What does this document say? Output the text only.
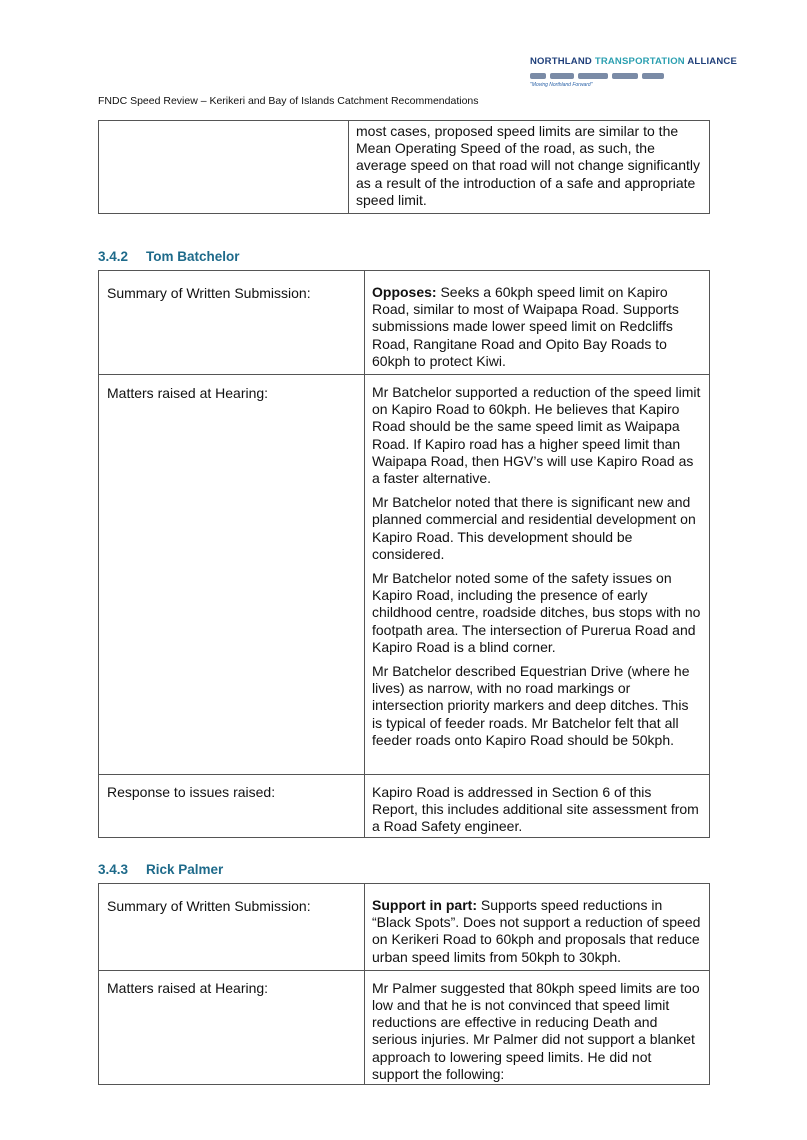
NORTHLAND TRANSPORTATION ALLIANCE
"Moving Northland Forward"
FNDC Speed Review – Kerikeri and Bay of Islands Catchment Recommendations

most cases, proposed speed limits are similar to the Mean Operating Speed of the road, as such, the average speed on that road will not change significantly as a result of the introduction of a safe and appropriate speed limit.

3.4.2 Tom Batchelor
Summary of Written Submission:	Opposes: Seeks a 60kph speed limit on Kapiro Road, similar to most of Waipapa Road. Supports submissions made lower speed limit on Redcliffs Road, Rangitane Road and Opito Bay Roads to 60kph to protect Kiwi.

Matters raised at Hearing:	Mr Batchelor supported a reduction of the speed limit on Kapiro Road to 60kph. He believes that Kapiro Road should be the same speed limit as Waipapa Road. If Kapiro road has a higher speed limit than Waipapa Road, then HGV’s will use Kapiro Road as a faster alternative.

Mr Batchelor noted that there is significant new and planned commercial and residential development on Kapiro Road. This development should be considered.

Mr Batchelor noted some of the safety issues on Kapiro Road, including the presence of early childhood centre, roadside ditches, bus stops with no footpath area. The intersection of Purerua Road and Kapiro Road is a blind corner.

Mr Batchelor described Equestrian Drive (where he lives) as narrow, with no road markings or intersection priority markers and deep ditches. This is typical of feeder roads. Mr Batchelor felt that all feeder roads onto Kapiro Road should be 50kph.

Response to issues raised:	Kapiro Road is addressed in Section 6 of this Report, this includes additional site assessment from a Road Safety engineer.

3.4.3 Rick Palmer
Summary of Written Submission:	Support in part: Supports speed reductions in “Black Spots”. Does not support a reduction of speed on Kerikeri Road to 60kph and proposals that reduce urban speed limits from 50kph to 30kph.

Matters raised at Hearing:	Mr Palmer suggested that 80kph speed limits are too low and that he is not convinced that speed limit reductions are effective in reducing Death and serious injuries. Mr Palmer did not support a blanket approach to lowering speed limits. He did not support the following:
